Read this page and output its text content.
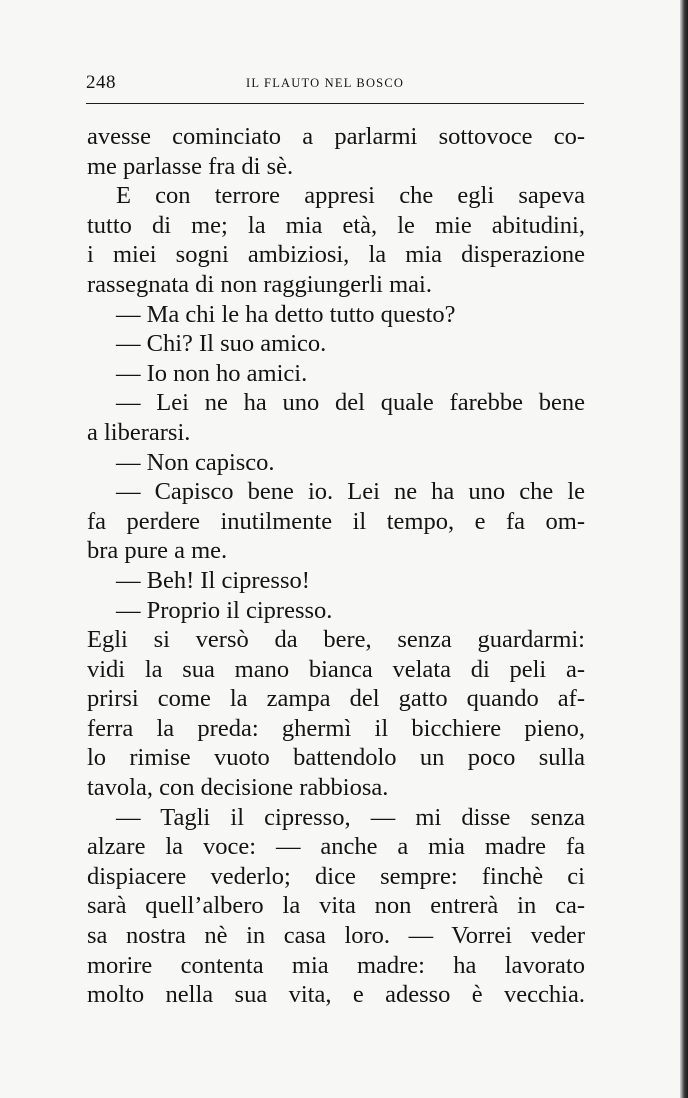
248	IL FLAUTO NEL BOSCO
avesse cominciato a parlarmi sottovoce co-
me parlasse fra di sè.
E con terrore appresi che egli sapeva
tutto di me; la mia età, le mie abitudini,
i miei sogni ambiziosi, la mia disperazione
rassegnata di non raggiungerli mai.
— Ma chi le ha detto tutto questo?
— Chi? Il suo amico.
— Io non ho amici.
— Lei ne ha uno del quale farebbe bene
a liberarsi.
— Non capisco.
— Capisco bene io. Lei ne ha uno che le
fa perdere inutilmente il tempo, e fa om-
bra pure a me.
— Beh! Il cipresso!
— Proprio il cipresso.
Egli si versò da bere, senza guardarmi:
vidi la sua mano bianca velata di peli a-
prirsi come la zampa del gatto quando af-
ferra la preda: ghermì il bicchiere pieno,
lo rimise vuoto battendolo un poco sulla
tavola, con decisione rabbiosa.
— Tagli il cipresso, — mi disse senza
alzare la voce: — anche a mia madre fa
dispiacere vederlo; dice sempre: finchè ci
sarà quell’albero la vita non entrerà in ca-
sa nostra nè in casa loro. — Vorrei veder
morire contenta mia madre: ha lavorato
molto nella sua vita, e adesso è vecchia.
